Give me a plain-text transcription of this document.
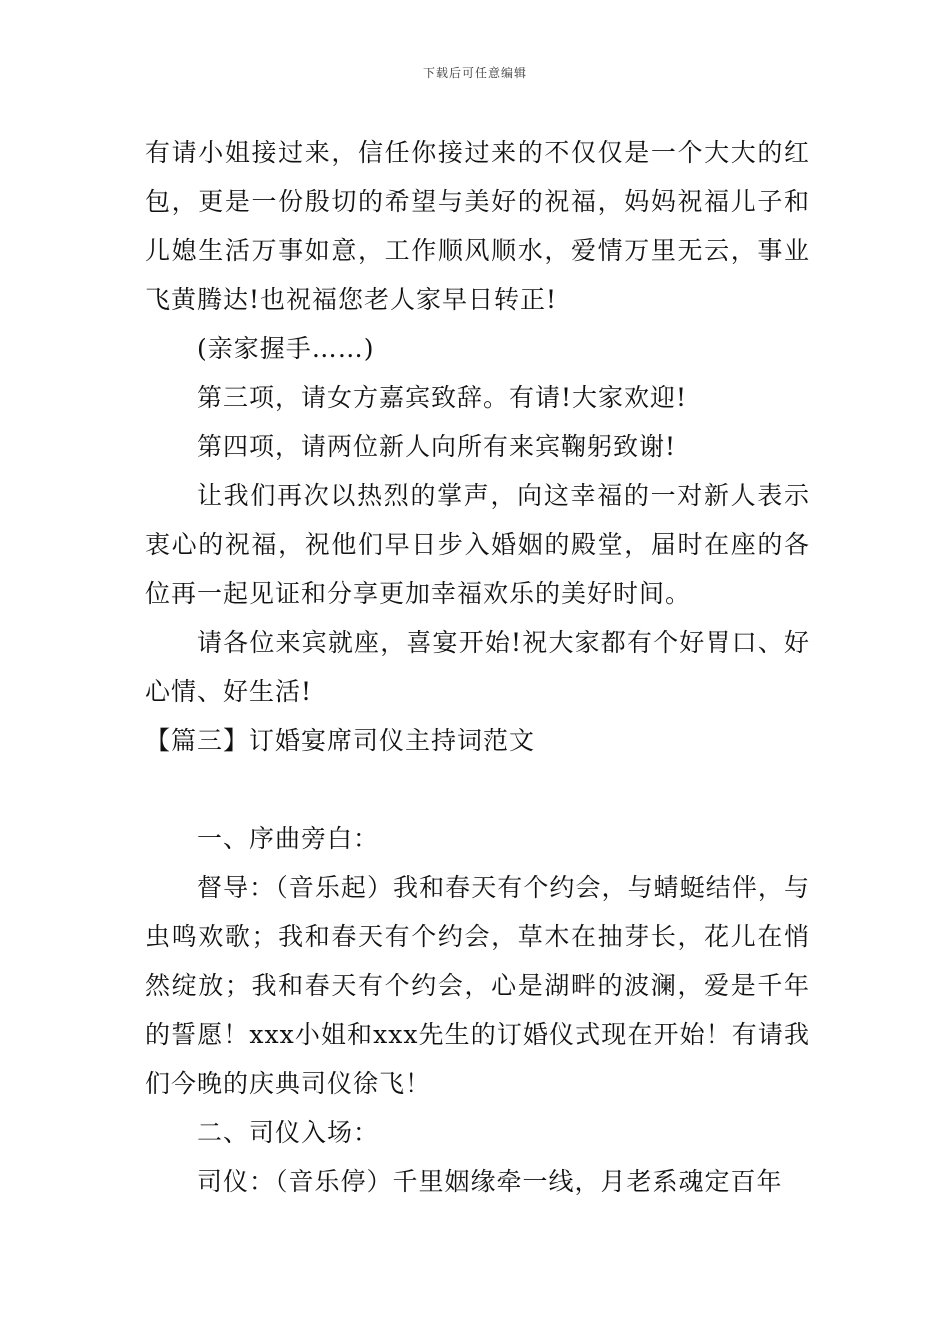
下载后可任意编辑

有请小姐接过来，信任你接过来的不仅仅是一个大大的红包，更是一份殷切的希望与美好的祝福，妈妈祝福儿子和儿媳生活万事如意，工作顺风顺水，爱情万里无云，事业飞黄腾达!也祝福您老人家早日转正!

(亲家握手……)

第三项，请女方嘉宾致辞。有请!大家欢迎!

第四项，请两位新人向所有来宾鞠躬致谢!

让我们再次以热烈的掌声，向这幸福的一对新人表示衷心的祝福，祝他们早日步入婚姻的殿堂，届时在座的各位再一起见证和分享更加幸福欢乐的美好时间。

请各位来宾就座，喜宴开始!祝大家都有个好胃口、好心情、好生活!

【篇三】订婚宴席司仪主持词范文

一、序曲旁白：

督导：（音乐起）我和春天有个约会，与蜻蜓结伴，与虫鸣欢歌；我和春天有个约会，草木在抽芽长，花儿在悄然绽放；我和春天有个约会，心是湖畔的波澜，爱是千年的誓愿！xxx小姐和xxx先生的订婚仪式现在开始！有请我们今晚的庆典司仪徐飞！

二、司仪入场：

司仪：（音乐停）千里姻缘牵一线，月老系魂定百年
